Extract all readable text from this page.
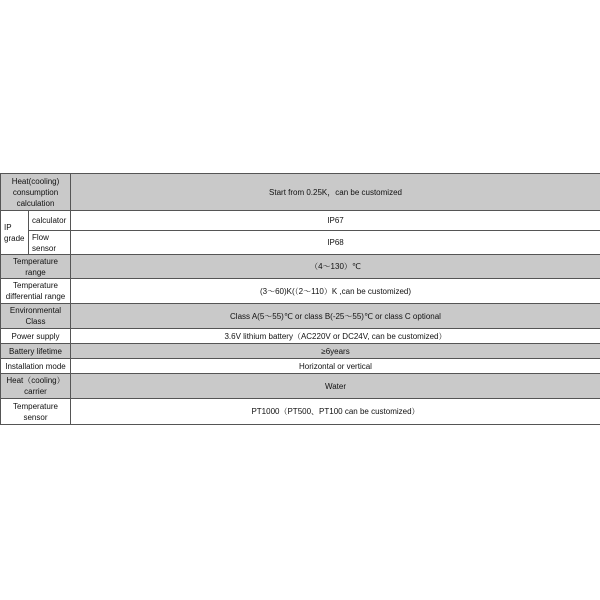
Heat(cooling) consumption calculation		Start from 0.25K，can be customized
IP grade	calculator	IP67
	Flow sensor	IP68
Temperature range		（4～130）℃
Temperature differential range		(3～60)K(（2～110）K ,can be customized)
Environmental Class		Class A(5～55)℃ or class B(-25～55)℃ or class C optional
Power supply		3.6V lithium battery（AC220V or DC24V, can be customized）
Battery lifetime		≥6years
Installation mode		Horizontal or vertical
Heat（cooling） carrier		Water
Temperature sensor		PT1000（PT500、PT100 can be customized）
